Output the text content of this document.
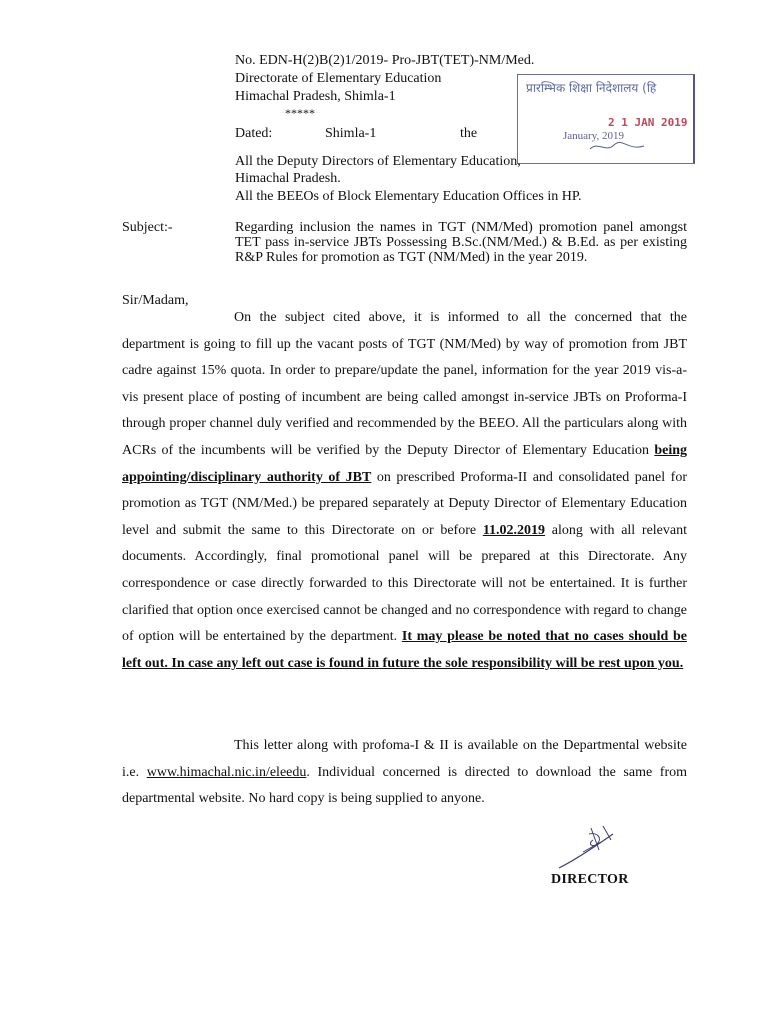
No. EDN-H(2)B(2)1/2019- Pro-JBT(TET)-NM/Med.
Directorate of Elementary Education
Himachal Pradesh, Shimla-1
*****
Dated:	Shimla-1	the
प्रारम्भिक शिक्षा निदेशालय (हि
2 1 JAN 2019
January, 2019
All the Deputy Directors of Elementary Education,
Himachal Pradesh.
All the BEEOs of Block Elementary Education Offices in HP.
Subject:-	Regarding inclusion the names in TGT (NM/Med) promotion panel amongst TET pass in-service JBTs Possessing B.Sc.(NM/Med.) & B.Ed. as per existing R&P Rules for promotion as TGT (NM/Med) in the year 2019.
Sir/Madam,

On the subject cited above, it is informed to all the concerned that the department is going to fill up the vacant posts of TGT (NM/Med) by way of promotion from JBT cadre against 15% quota. In order to prepare/update the panel, information for the year 2019 vis-a-vis present place of posting of incumbent are being called amongst in-service JBTs on Proforma-I through proper channel duly verified and recommended by the BEEO. All the particulars along with ACRs of the incumbents will be verified by the Deputy Director of Elementary Education being appointing/disciplinary authority of JBT on prescribed Proforma-II and consolidated panel for promotion as TGT (NM/Med.) be prepared separately at Deputy Director of Elementary Education level and submit the same to this Directorate on or before 11.02.2019 along with all relevant documents. Accordingly, final promotional panel will be prepared at this Directorate. Any correspondence or case directly forwarded to this Directorate will not be entertained. It is further clarified that option once exercised cannot be changed and no correspondence with regard to change of option will be entertained by the department. It may please be noted that no cases should be left out. In case any left out case is found in future the sole responsibility will be rest upon you.

This letter along with profoma-I & II is available on the Departmental website i.e. www.himachal.nic.in/eleedu. Individual concerned is directed to download the same from departmental website. No hard copy is being supplied to anyone.

DIRECTOR
